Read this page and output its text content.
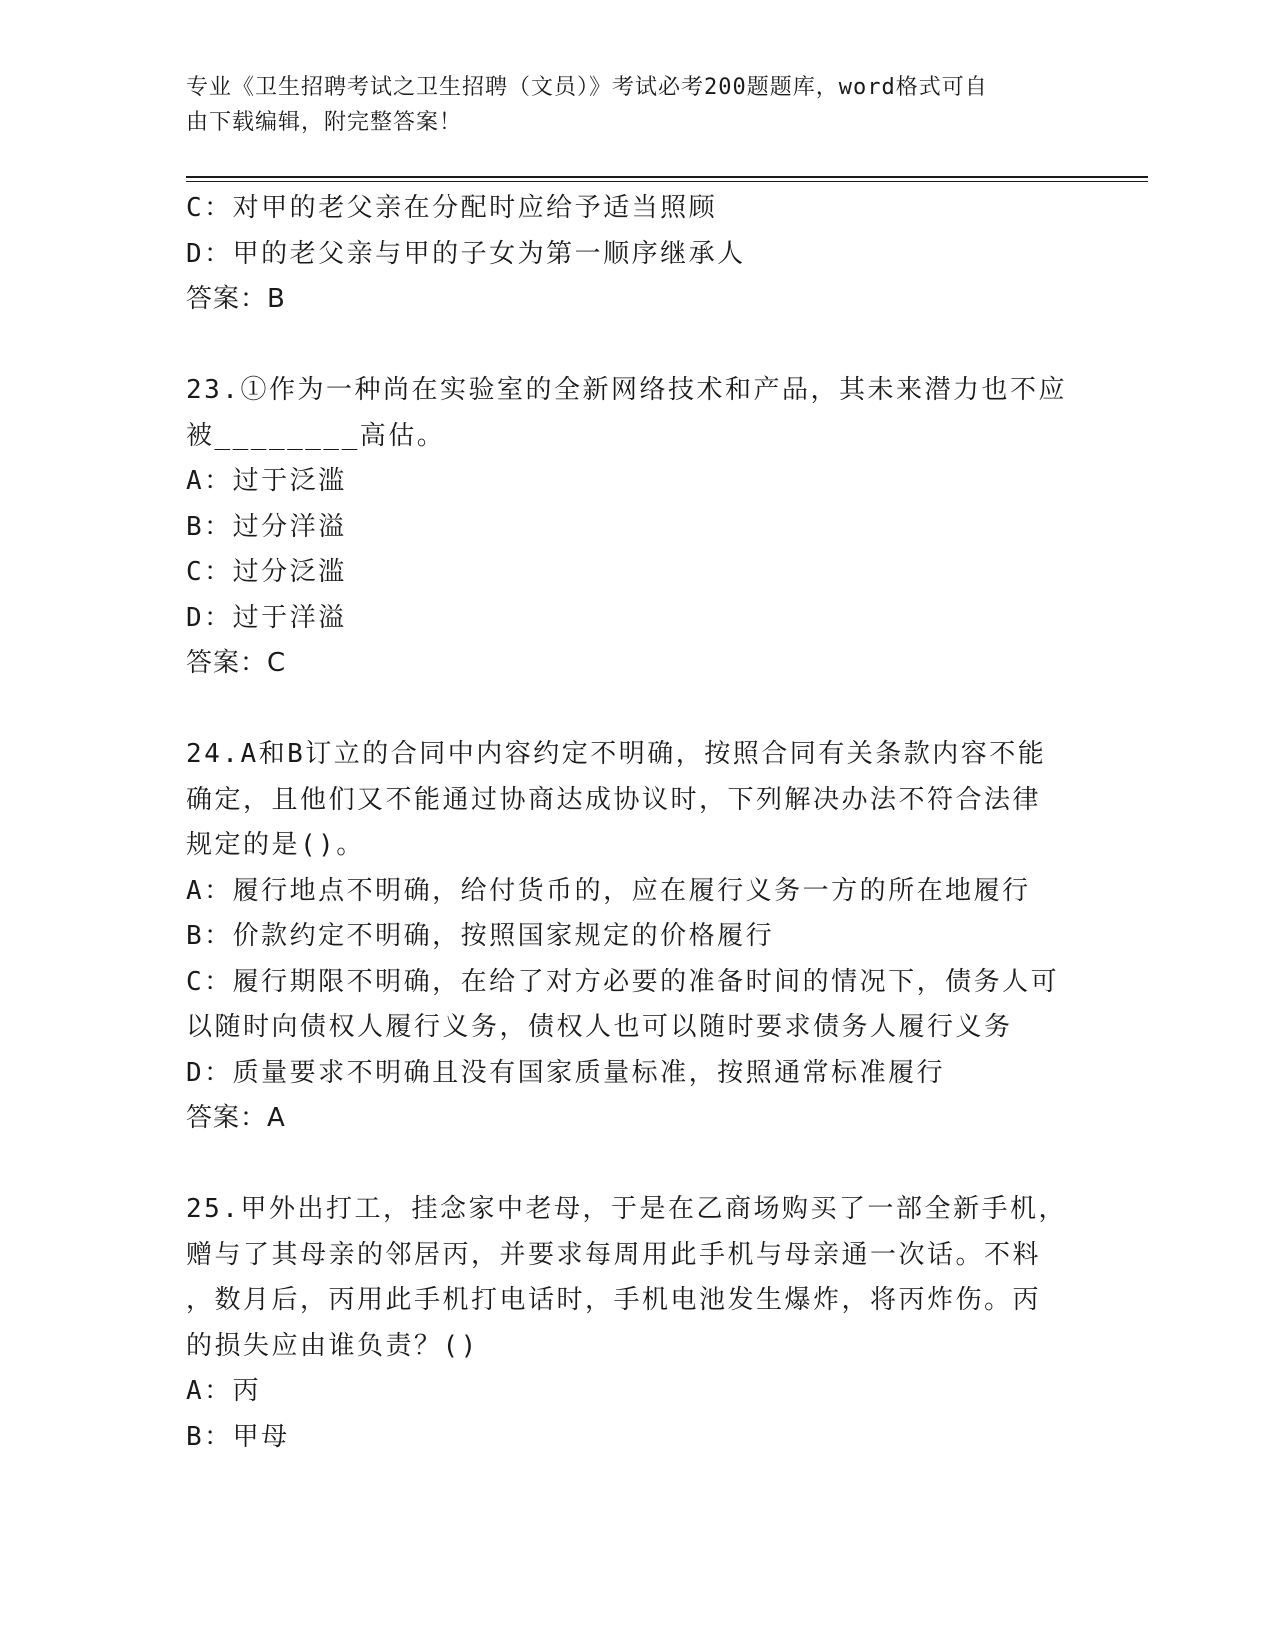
专业《卫生招聘考试之卫生招聘（文员）》考试必考200题题库，word格式可自
由下载编辑，附完整答案！
C：对甲的老父亲在分配时应给予适当照顾
D：甲的老父亲与甲的子女为第一顺序继承人
答案：B
23.①作为一种尚在实验室的全新网络技术和产品，其未来潜力也不应
被________高估。
A：过于泛滥
B：过分洋溢
C：过分泛滥
D：过于洋溢
答案：C
24.A和B订立的合同中内容约定不明确，按照合同有关条款内容不能
确定，且他们又不能通过协商达成协议时，下列解决办法不符合法律
规定的是()。
A：履行地点不明确，给付货币的，应在履行义务一方的所在地履行
B：价款约定不明确，按照国家规定的价格履行
C：履行期限不明确，在给了对方必要的准备时间的情况下，债务人可
以随时向债权人履行义务，债权人也可以随时要求债务人履行义务
D：质量要求不明确且没有国家质量标准，按照通常标准履行
答案：A
25.甲外出打工，挂念家中老母，于是在乙商场购买了一部全新手机，
赠与了其母亲的邻居丙，并要求每周用此手机与母亲通一次话。不料
，数月后，丙用此手机打电话时，手机电池发生爆炸，将丙炸伤。丙
的损失应由谁负责？()
A：丙
B：甲母
